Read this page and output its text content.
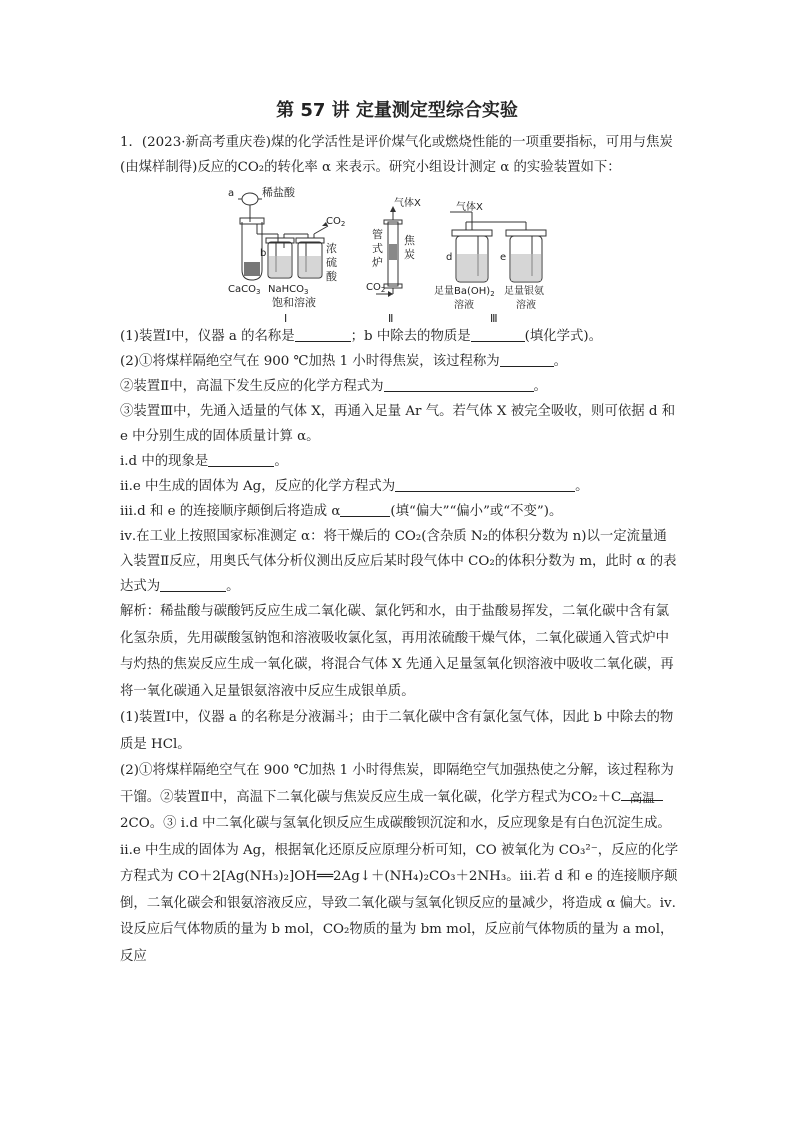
第 57 讲 定量测定型综合实验

1．(2023·新高考重庆卷)煤的化学活性是评价煤气化或燃烧性能的一项重要指标，可用与焦炭(由煤样制得)反应的CO₂的转化率 α 来表示。研究小组设计测定 α 的实验装置如下：

a	稀盐酸
b
CaCO$_3$ NaHCO$_3$
饱和溶液
$CO_2$
浓
硫
酸
气体X
管
式
炉
焦
炭
$CO_2$
气体X
d	e
足量$Ba(OH)_2$ 足量银氨
溶液	溶液
Ⅰ	Ⅱ	Ⅲ

(1)装置Ⅰ中，仪器 a 的名称是	；b 中除去的物质是	(填化学式)。

(2)①将煤样隔绝空气在 900 ℃加热 1 小时得焦炭，该过程称为	。

②装置Ⅱ中，高温下发生反应的化学方程式为	。

③装置Ⅲ中，先通入适量的气体 X，再通入足量 Ar 气。若气体 X 被完全吸收，则可依据 d 和 e 中分别生成的固体质量计算 α。

ⅰ.d 中的现象是	。

ⅱ.e 中生成的固体为 Ag，反应的化学方程式为	。

ⅲ.d 和 e 的连接顺序颠倒后将造成 α	(填“偏大”“偏小”或“不变”)。

ⅳ.在工业上按照国家标准测定 α：将干燥后的 CO₂(含杂质 N₂的体积分数为 n)以一定流量通入装置Ⅱ反应，用奥氏气体分析仪测出反应后某时段气体中 CO₂的体积分数为 m，此时 α 的表达式为	。

解析：稀盐酸与碳酸钙反应生成二氧化碳、氯化钙和水，由于盐酸易挥发，二氧化碳中含有氯化氢杂质，先用碳酸氢钠饱和溶液吸收氯化氢，再用浓硫酸干燥气体，二氧化碳通入管式炉中与灼热的焦炭反应生成一氧化碳，将混合气体 X 先通入足量氢氧化钡溶液中吸收二氧化碳，再将一氧化碳通入足量银氨溶液中反应生成银单质。

(1)装置Ⅰ中，仪器 a 的名称是分液漏斗；由于二氧化碳中含有氯化氢气体，因此 b 中除去的物质是 HCl。

(2)①将煤样隔绝空气在 900 ℃加热 1 小时得焦炭，即隔绝空气加强热使之分解，该过程称为干馏。②装置Ⅱ中，高温下二氧化碳与焦炭反应生成一氧化碳，化学方程式为CO₂＋C 高温
2CO。③ ⅰ.d 中二氧化碳与氢氧化钡反应生成碳酸钡沉淀和水，反应现象是有白色沉淀生成。ⅱ.e 中生成的固体为 Ag，根据氧化还原反应原理分析可知，CO 被氧化为 CO₃²⁻，反应的化学方程式为 CO＋2[Ag(NH₃)₂]OH══2Ag↓＋(NH₄)₂CO₃＋2NH₃。ⅲ.若 d 和 e 的连接顺序颠倒，二氧化碳会和银氨溶液反应，导致二氧化碳与氢氧化钡反应的量减少，将造成 α 偏大。ⅳ.设反应后气体物质的量为 b mol，CO₂物质的量为 bm mol，反应前气体物质的量为 a mol，反应
